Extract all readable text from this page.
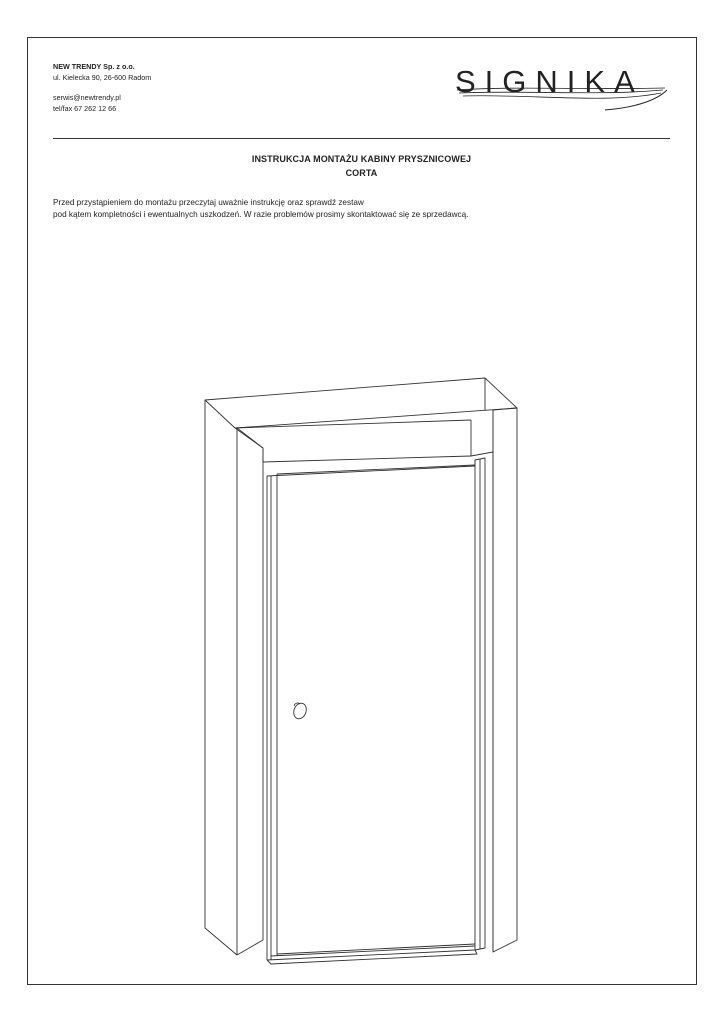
NEW TRENDY Sp. z o.o.
ul. Kielecka 90, 26-600 Radom
serwis@newtrendy.pl
tel/fax 67 262 12 66
SIGNIKA
INSTRUKCJA MONTAŻU KABINY PRYSZNICOWEJ
CORTA
Przed przystąpieniem do montażu przeczytaj uważnie instrukcję oraz sprawdź zestaw
pod kątem kompletności i ewentualnych uszkodzeń. W razie problemów prosimy skontaktować się ze sprzedawcą.
